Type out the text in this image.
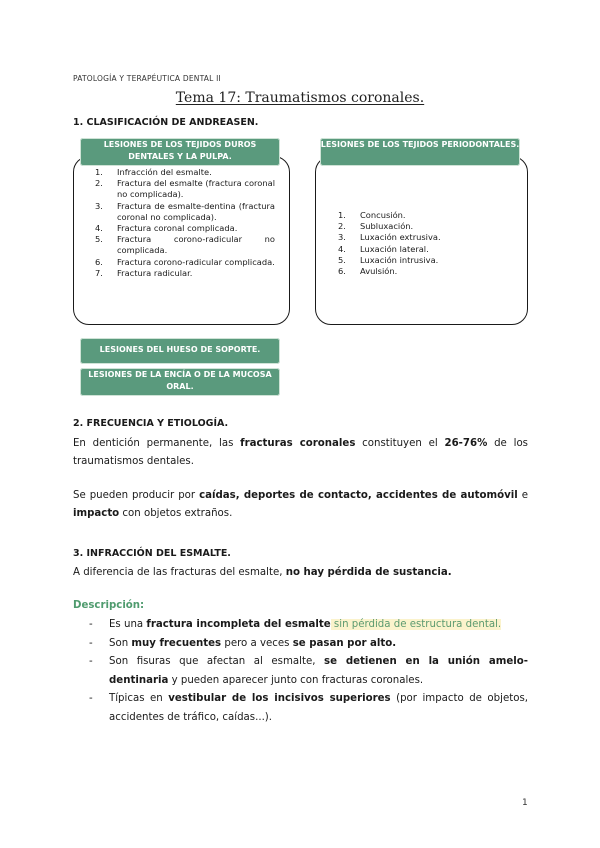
PATOLOGÍA Y TERAPÉUTICA DENTAL II
Tema 17: Traumatismos coronales.
1. CLASIFICACIÓN DE ANDREASEN.
1. Infracción del esmalte.
2. Fractura del esmalte (fractura coronal no complicada).
3. Fractura de esmalte-dentina (fractura coronal no complicada).
4. Fractura coronal complicada.
5. Fractura corono-radicular no complicada.
6. Fractura corono-radicular complicada.
7. Fractura radicular.
LESIONES DE LOS TEJIDOS DUROS DENTALES Y LA PULPA.
1. Concusión.
2. Subluxación.
3. Luxación extrusiva.
4. Luxación lateral.
5. Luxación intrusiva.
6. Avulsión.
LESIONES DE LOS TEJIDOS PERIODONTALES.
LESIONES DEL HUESO DE SOPORTE.
LESIONES DE LA ENCÍA O DE LA MUCOSA ORAL.
2. FRECUENCIA Y ETIOLOGÍA.
En dentición permanente, las fracturas coronales constituyen el 26-76% de los traumatismos dentales.
Se pueden producir por caídas, deportes de contacto, accidentes de automóvil e impacto con objetos extraños.
3. INFRACCIÓN DEL ESMALTE.
A diferencia de las fracturas del esmalte, no hay pérdida de sustancia.
Descripción:
- Es una fractura incompleta del esmalte sin pérdida de estructura dental.
- Son muy frecuentes pero a veces se pasan por alto.
- Son fisuras que afectan al esmalte, se detienen en la unión amelo-dentinaria y pueden aparecer junto con fracturas coronales.
- Típicas en vestibular de los incisivos superiores (por impacto de objetos, accidentes de tráfico, caídas...).
1
